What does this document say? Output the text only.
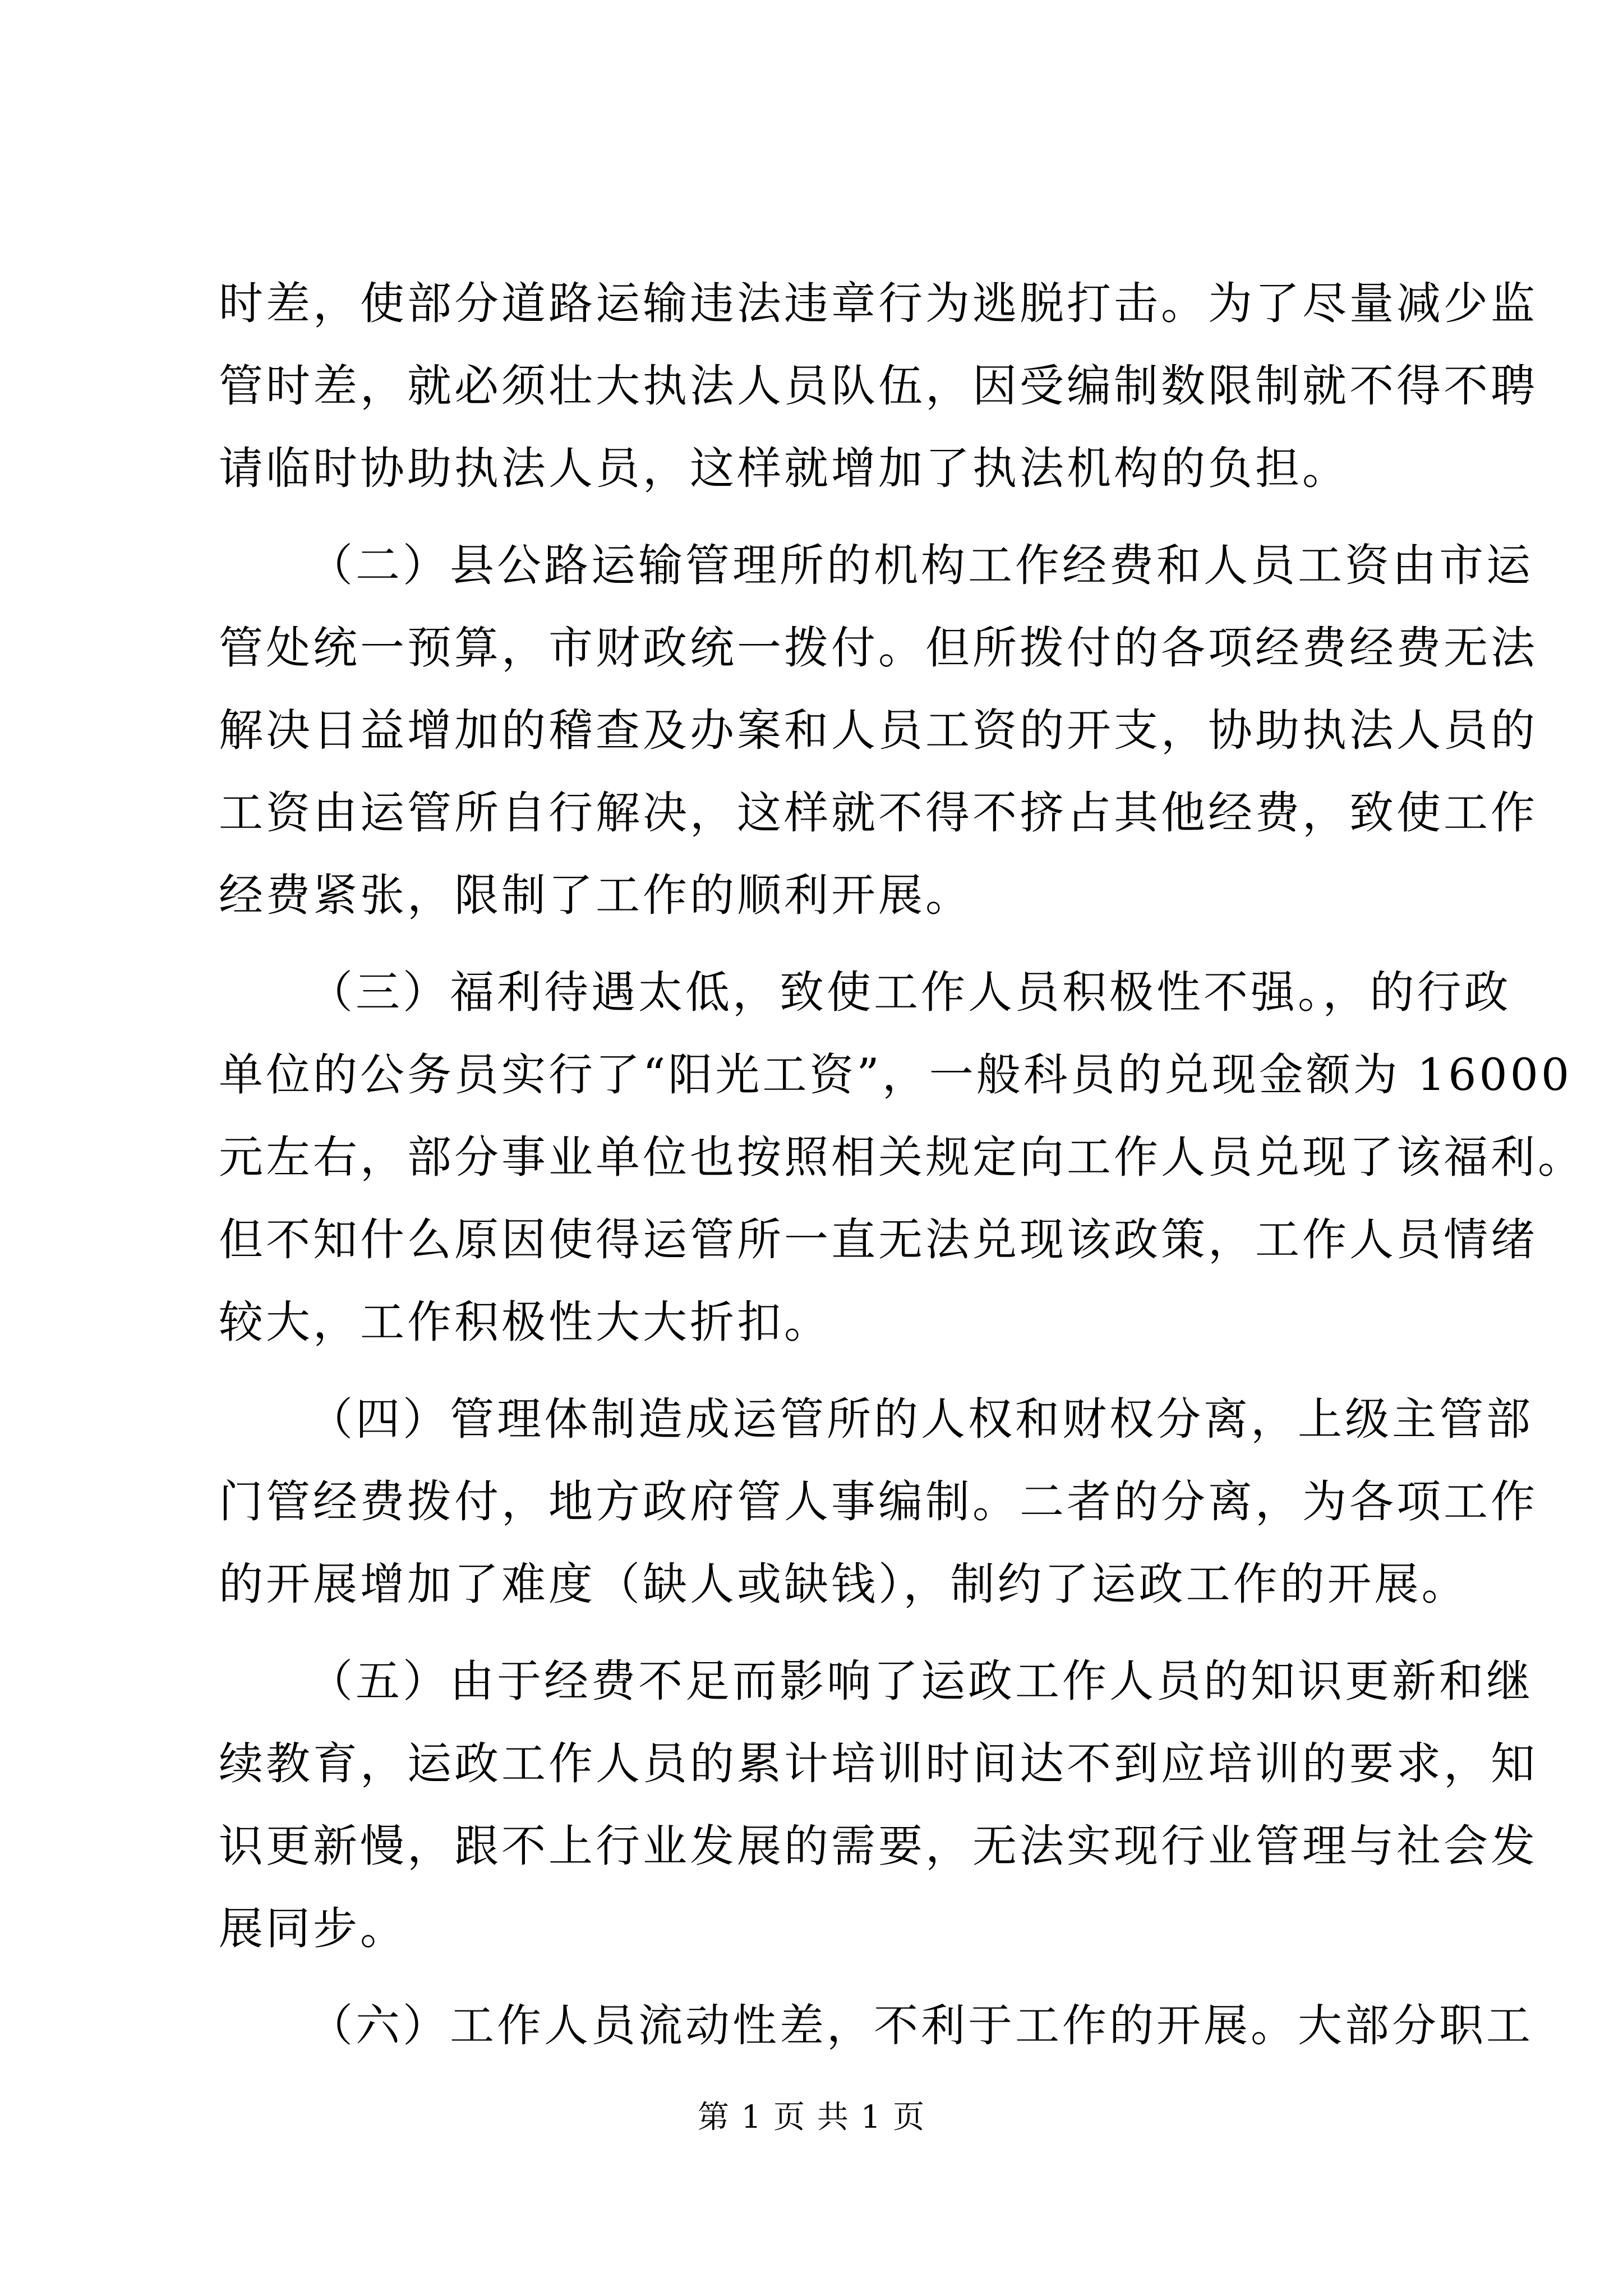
时差，使部分道路运输违法违章行为逃脱打击。为了尽量减少监
管时差，就必须壮大执法人员队伍，因受编制数限制就不得不聘
请临时协助执法人员，这样就增加了执法机构的负担。
（二）县公路运输管理所的机构工作经费和人员工资由市运
管处统一预算，市财政统一拨付。但所拨付的各项经费经费无法
解决日益增加的稽查及办案和人员工资的开支，协助执法人员的
工资由运管所自行解决，这样就不得不挤占其他经费，致使工作
经费紧张，限制了工作的顺利开展。
（三）福利待遇太低，致使工作人员积极性不强。，的行政
单位的公务员实行了“阳光工资”，一般科员的兑现金额为 16000
元左右，部分事业单位也按照相关规定向工作人员兑现了该福利。
但不知什么原因使得运管所一直无法兑现该政策，工作人员情绪
较大，工作积极性大大折扣。
（四）管理体制造成运管所的人权和财权分离，上级主管部
门管经费拨付，地方政府管人事编制。二者的分离，为各项工作
的开展增加了难度（缺人或缺钱），制约了运政工作的开展。
（五）由于经费不足而影响了运政工作人员的知识更新和继
续教育，运政工作人员的累计培训时间达不到应培训的要求，知
识更新慢，跟不上行业发展的需要，无法实现行业管理与社会发
展同步。
（六）工作人员流动性差，不利于工作的开展。大部分职工
第 1 页 共 1 页
